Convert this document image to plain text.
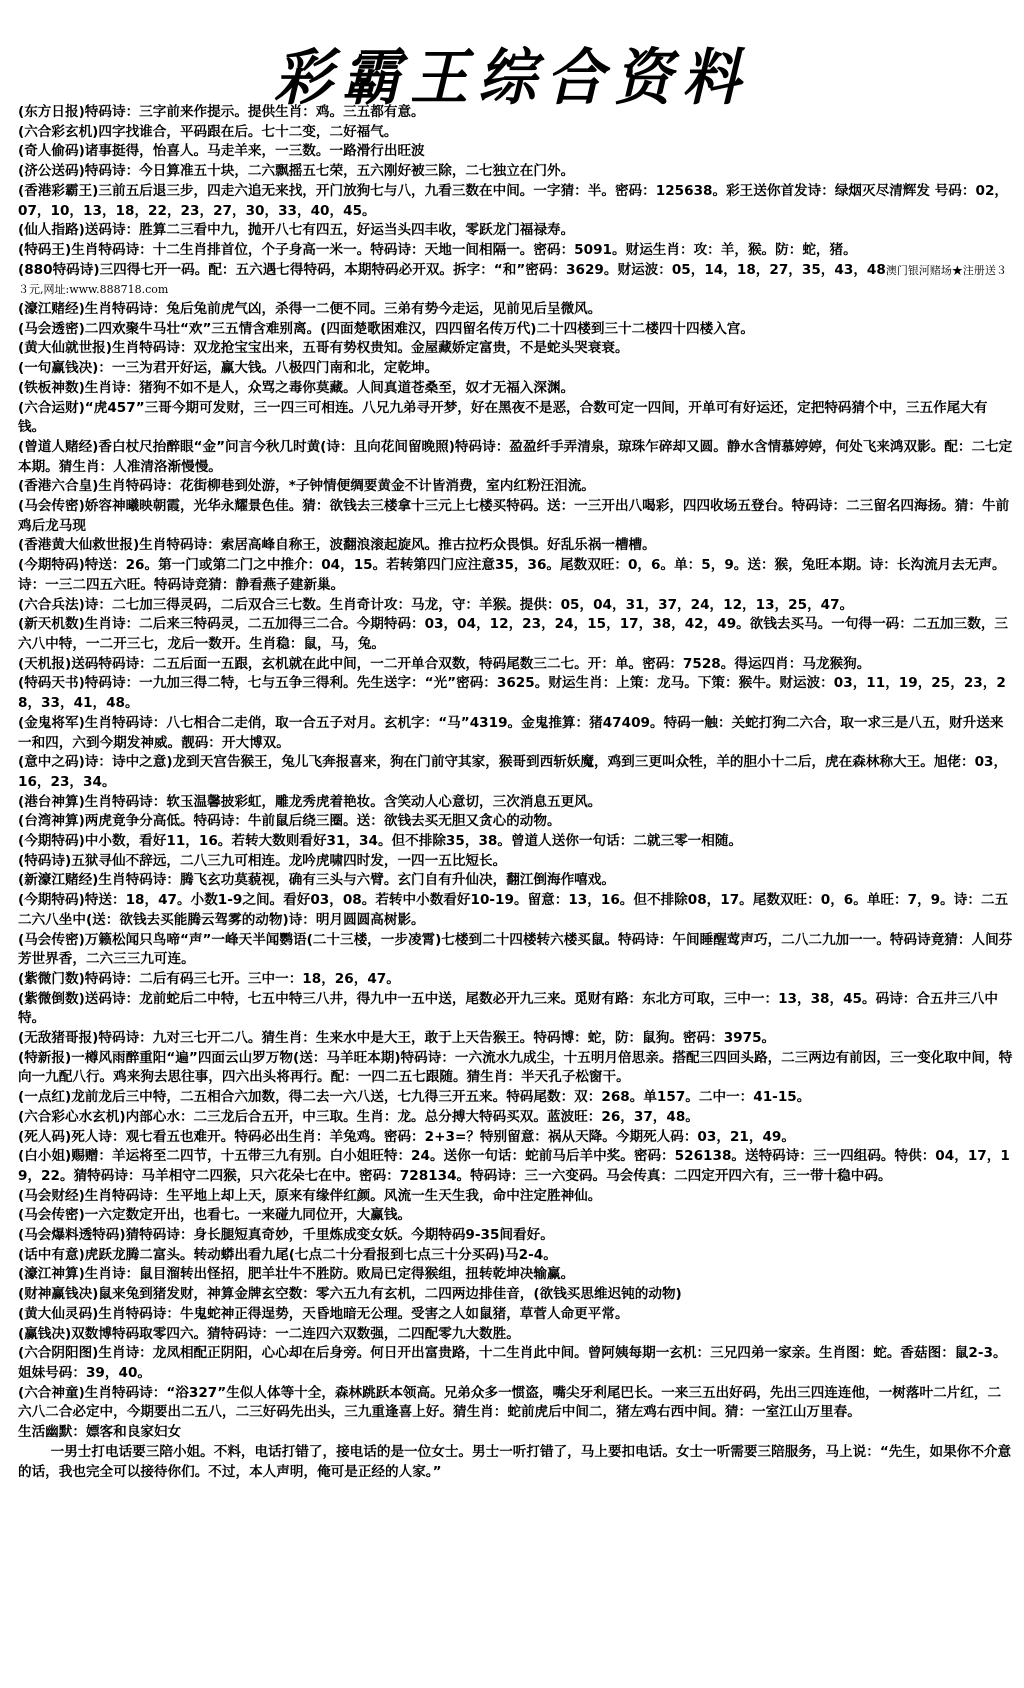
彩霸王综合资料

(东方日报)特码诗：三字前来作提示。提供生肖：鸡。三五都有意。

(六合彩玄机)四字找谁合，平码跟在后。七十二变，二好福气。

(奇人偷码)诸事挺得，怡喜人。马走羊来，一三数。一路滑行出旺波

(济公送码)特码诗：今日算准五十块，二六飘摇五七荣，五六刚好被三除，二七独立在门外。

(香港彩霸王)三前五后退三步，四走六追无来找，开门放狗七与八，九看三数在中间。一字猜：半。密码：125638。彩王送你首发诗：绿烟灭尽清辉发 号码：02，07，10，13，18，22，23，27，30，33，40，45。

(仙人指路)送码诗：胜算二三看中九，抛开八七有四五，好运当头四丰收，零跃龙门福禄寿。

(特码王)生肖特码诗：十二生肖排首位，个子身高一米一。特码诗：天地一间相隔一。密码：5091。财运生肖：攻：羊，猴。防：蛇，猪。

(880特码诗)三四得七开一码。配：五六遇七得特码，本期特码必开双。拆字：“和”密码：3629。财运波：05，14，18，27，35，43，48澳门银河赌场★注册送３３元,网址:www.888718.com

(濠江赌经)生肖特码诗：兔后兔前虎气凶，杀得一二便不同。三弟有势今走运，见前见后呈微风。

(马会透密)二四欢聚牛马壮“欢”三五情含难别离。(四面楚歌困难汉，四四留名传万代)二十四楼到三十二楼四十四楼入宫。

(黄大仙就世报)生肖特码诗：双龙抢宝宝出来，五哥有势权贵知。金屋藏娇定富贵，不是蛇头哭衰衰。

(一句赢钱决)：一三为君开好运，赢大钱。八极四门南和北，定乾坤。

(铁板神数)生肖诗：猪狗不如不是人，众骂之毒你莫藏。人间真道苍桑至，奴才无福入深渊。

(六合运财)“虎457”三哥今期可发财，三一四三可相连。八兄九弟寻开梦，好在黑夜不是恶，合数可定一四间，开单可有好运还，定把特码猜个中，三五作尾大有钱。

(曾道人赌经)香白杖尺抬醉眼“金”问言今秋几时黄(诗：且向花间留晚照)特码诗：盈盈纤手弄清泉，琼珠乍碎却又圆。静水含情慕婷婷，何处飞来鸿双影。配：二七定本期。猜生肖：人准清洛渐慢慢。

(香港六合皇)生肖特码诗：花街柳巷到处游，*子钟情便绸要黄金不计皆消费，室内红粉汪泪流。

(马会传密)娇容神曦映朝霞，光华永耀景色佳。猜：欲钱去三楼拿十三元上七楼买特码。送：一三开出八喝彩，四四收场五登台。特码诗：二三留名四海扬。猜：牛前鸡后龙马现

(香港黄大仙救世报)生肖特码诗：索居高峰自称王，波翻浪滚起旋风。推古拉朽众畏惧。好乱乐祸一槽槽。

(今期特码)特送：26。第一门或第二门之中推介：04，15。若转第四门应注意35，36。尾数双旺：0，6。单：5，9。送：猴，兔旺本期。诗：长沟流月去无声。诗：一三二四五六旺。特码诗竞猜：静看燕子建新巢。

(六合兵法)诗：二七加三得灵码，二后双合三七数。生肖奇计攻：马龙，守：羊猴。提供：05，04，31，37，24，12，13，25，47。

(新天机数)生肖诗：二后来三特码灵，二五加得三二合。今期特码：03，04，12，23，24，15，17，38，42，49。欲钱去买马。一句得一码：二五加三数，三六八中特，一二开三七，龙后一数开。生肖稳：鼠，马，兔。

(天机报)送码特码诗：二五后面一五跟，玄机就在此中间，一二开单合双数，特码尾数三二七。开：单。密码：7528。得运四肖：马龙猴狗。

(特码天书)特码诗：一九加三得二特，七与五争三得利。先生送字：“光”密码：3625。财运生肖：上策：龙马。下策：猴牛。财运波：03，11，19，25，23，28，33，41，48。

(金鬼将军)生肖特码诗：八七相合二走俏，取一合五子对月。玄机字：“马”4319。金鬼推算：猪47409。特码一触：关蛇打狗二六合，取一求三是八五，财升送来一和四，六到今期发神威。靓码：开大博双。

(意中之码)诗：诗中之意)龙到天宫告猴王，兔儿飞奔报喜来，狗在门前守其家，猴哥到西斩妖魔，鸡到三更叫众牲，羊的胆小十二后，虎在森林称大王。旭佬：03，16，23，34。

(港台神算)生肖特码诗：软玉温馨披彩虹，雕龙秀虎着艳妆。含笑动人心意切，三次消息五更风。

(台湾神算)两虎竟争分高低。特码诗：牛前鼠后绕三圈。送：欲钱去买无胆又贪心的动物。

(今期特码)中小数，看好11，16。若转大数则看好31，34。但不排除35，38。曾道人送你一句话：二就三零一相随。

(特码诗)五狱寻仙不辞远，二八三九可相连。龙吟虎啸四时发，一四一五比短长。

(新濠江赌经)生肖特码诗：腾飞玄功莫藐视，确有三头与六臂。玄门自有升仙决，翻江倒海作嘻戏。

(今期特码)特送：18，47。小数1-9之间。看好03，08。若转中小数看好10-19。留意：13，16。但不排除08，17。尾数双旺：0，6。单旺：7，9。诗：二五二六八坐中(送：欲钱去买能腾云驾雾的动物)诗：明月圆圆高树影。

(马会传密)万籁松闻只鸟啼“声”一峰天半闻鹦语(二十三楼，一步凌霄)七楼到二十四楼转六楼买鼠。特码诗：午间睡醒莺声巧，二八二九加一一。特码诗竟猜：人间芬芳世界香，二六三三九可连。

(紫微门数)特码诗：二后有码三七开。三中一：18，26，47。

(紫微倒数)送码诗：龙前蛇后二中特，七五中特三八井，得九中一五中送，尾数必开九三来。觅财有路：东北方可取，三中一：13，38，45。码诗：合五井三八中特。

(无敌猪哥报)特码诗：九对三七开二八。猜生肖：生来水中是大王，敢于上天告猴王。特码博：蛇，防：鼠狗。密码：3975。

(特新报)一樽风雨醉重阳“遍”四面云山罗万物(送：马羊旺本期)特码诗：一六流水九成尘，十五明月倍思亲。搭配三四回头路，二三两边有前因，三一变化取中间，特向一九配八行。鸡来狗去思往事，四六出头将再行。配：一四二五七跟随。猜生肖：半天孔子松窗干。

(一点红)龙前龙后三中特，二五相合六加数，得二去一六八送，七九得三开五来。特码尾数：双：268。单157。二中一：41-15。

(六合彩心水玄机)内部心水：二三龙后合五开，中三取。生肖：龙。总分搏大特码买双。蓝波旺：26，37，48。

(死人码)死人诗：观七看五也难开。特码必出生肖：羊兔鸡。密码：2+3=？特别留意：祸从天降。今期死人码：03，21，49。

(白小姐)赐赠：羊运将至二四节，十五带三九有别。白小姐旺特：24。送你一句话：蛇前马后羊中奖。密码：526138。送特码诗：三一四组码。特供：04，17，19，22。猜特码诗：马羊相守二四猴，只六花朵七在中。密码：728134。特码诗：三一六变码。马会传真：二四定开四六有，三一带十稳中码。

(马会财经)生肖特码诗：生平地上却上天，原来有缘伴红颜。风流一生天生我，命中注定胜神仙。

(马会传密)一六定数定开出，也看七。一来碰九同位开，大赢钱。

(马会爆料透特码)猜特码诗：身长腿短真奇妙，千里炼成变女妖。今期特码9-35间看好。

(话中有意)虎跃龙腾二富头。转动蟒出看九尾(七点二十分看报到七点三十分买码)马2-4。

(濠江神算)生肖诗：鼠目溜转出怪招，肥羊壮牛不胜防。败局已定得猴组，扭转乾坤决输赢。

(财神赢钱决)鼠来兔到猪发财，神算金牌玄空数：零六五九有玄机，二四两边排佳音，(欲钱买思维迟钝的动物)

(黄大仙灵码)生肖特码诗：牛鬼蛇神正得逞势，天昏地暗无公理。受害之人如鼠猪，草菅人命更平常。

(赢钱决)双数博特码取零四六。猜特码诗：一二连四六双数强，二四配零九大数胜。

(六合阴阳图)生肖诗：龙凤相配正阴阳，心心却在后身旁。何日开出富贵路，十二生肖此中间。曾阿姨每期一玄机：三兄四弟一家亲。生肖图：蛇。香菇图：鼠2-3。姐妹号码：39，40。

(六合神童)生肖特码诗：“浴327”生似人体等十全，森林跳跃本领高。兄弟众多一惯盗，嘴尖牙利尾巴长。一来三五出好码，先出三四连连他，一树落叶二片红，二六八二合必定中，今期要出二五八，二三好码先出头，三九重逢喜上好。猜生肖：蛇前虎后中间二，猪左鸡右西中间。猜：一室江山万里春。

生活幽默：嫖客和良家妇女

一男士打电话要三陪小姐。不料，电话打错了，接电话的是一位女士。男士一听打错了，马上要扣电话。女士一听需要三陪服务，马上说：“先生，如果你不介意的话，我也完全可以接待你们。不过，本人声明，俺可是正经的人家。”
